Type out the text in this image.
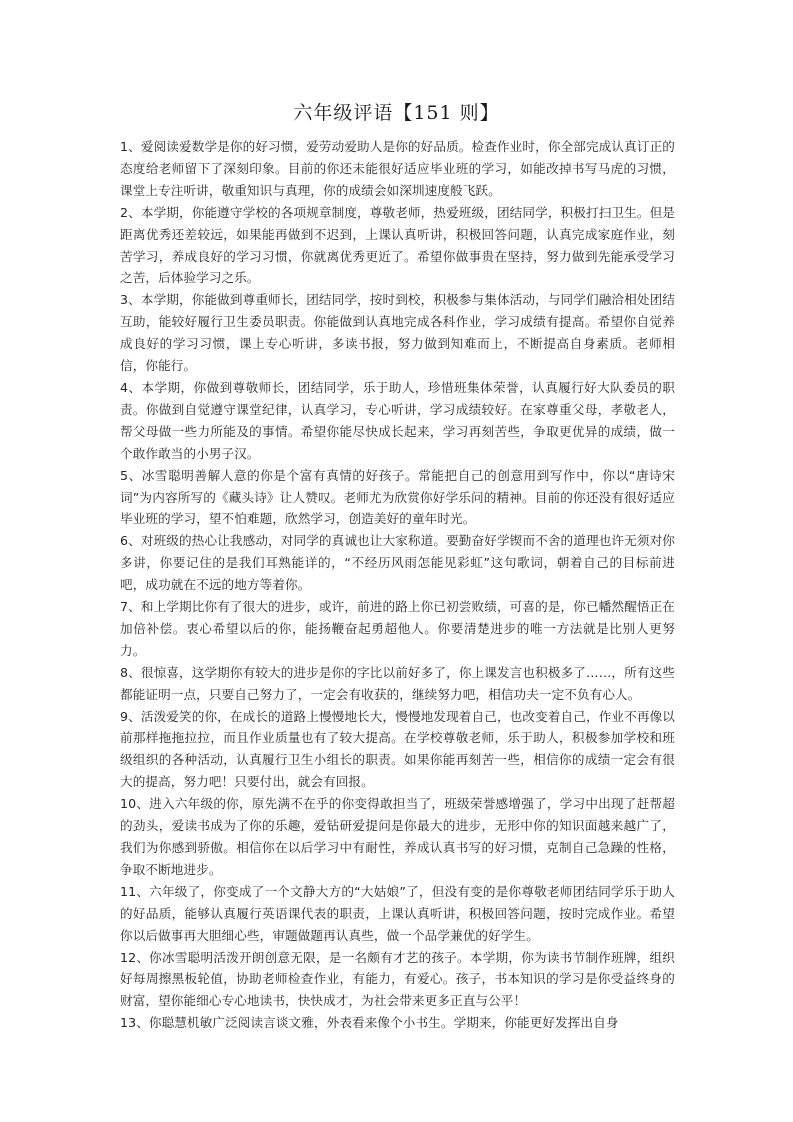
六年级评语【151 则】

1、爱阅读爱数学是你的好习惯，爱劳动爱助人是你的好品质。检查作业时，你全部完成认真订正的态度给老师留下了深刻印象。目前的你还未能很好适应毕业班的学习，如能改掉书写马虎的习惯，课堂上专注听讲，敬重知识与真理，你的成绩会如深圳速度般飞跃。

2、本学期，你能遵守学校的各项规章制度，尊敬老师，热爱班级，团结同学，积极打扫卫生。但是距离优秀还差较远，如果能再做到不迟到，上课认真听讲，积极回答问题，认真完成家庭作业，刻苦学习，养成良好的学习习惯，你就离优秀更近了。希望你做事贵在坚持，努力做到先能承受学习之苦，后体验学习之乐。

3、本学期，你能做到尊重师长，团结同学，按时到校，积极参与集体活动，与同学们融洽相处团结互助，能较好履行卫生委员职责。你能做到认真地完成各科作业，学习成绩有提高。希望你自觉养成良好的学习习惯，课上专心听讲，多读书报，努力做到知难而上，不断提高自身素质。老师相信，你能行。

4、本学期，你做到尊敬师长，团结同学，乐于助人，珍惜班集体荣誉，认真履行好大队委员的职责。你做到自觉遵守课堂纪律，认真学习，专心听讲，学习成绩较好。在家尊重父母，孝敬老人，帮父母做一些力所能及的事情。希望你能尽快成长起来，学习再刻苦些，争取更优异的成绩，做一个敢作敢当的小男子汉。

5、冰雪聪明善解人意的你是个富有真情的好孩子。常能把自己的创意用到写作中，你以“唐诗宋词”为内容所写的《藏头诗》让人赞叹。老师尤为欣赏你好学乐问的精神。目前的你还没有很好适应毕业班的学习，望不怕难题，欣然学习，创造美好的童年时光。

6、对班级的热心让我感动，对同学的真诚也让大家称道。要勤奋好学锲而不舍的道理也许无须对你多讲，你要记住的是我们耳熟能详的，“不经历风雨怎能见彩虹”这句歌词，朝着自己的目标前进吧，成功就在不远的地方等着你。

7、和上学期比你有了很大的进步，或许，前进的路上你已初尝败绩，可喜的是，你已幡然醒悟正在加倍补偿。衷心希望以后的你，能扬鞭奋起勇超他人。你要清楚进步的唯一方法就是比别人更努力。

8、很惊喜，这学期你有较大的进步是你的字比以前好多了，你上课发言也积极多了……，所有这些都能证明一点，只要自己努力了，一定会有收获的，继续努力吧，相信功夫一定不负有心人。

9、活泼爱笑的你，在成长的道路上慢慢地长大，慢慢地发现着自己，也改变着自己，作业不再像以前那样拖拖拉拉，而且作业质量也有了较大提高。在学校尊敬老师，乐于助人，积极参加学校和班级组织的各种活动，认真履行卫生小组长的职责。如果你能再刻苦一些，相信你的成绩一定会有很大的提高，努力吧！只要付出，就会有回报。

10、进入六年级的你，原先满不在乎的你变得敢担当了，班级荣誉感增强了，学习中出现了赶帮超的劲头，爱读书成为了你的乐趣，爱钻研爱提问是你最大的进步，无形中你的知识面越来越广了，我们为你感到骄傲。相信你在以后学习中有耐性，养成认真书写的好习惯，克制自己急躁的性格，争取不断地进步。

11、六年级了，你变成了一个文静大方的“大姑娘”了，但没有变的是你尊敬老师团结同学乐于助人的好品质，能够认真履行英语课代表的职责，上课认真听讲，积极回答问题，按时完成作业。希望你以后做事再大胆细心些，审题做题再认真些，做一个品学兼优的好学生。

12、你冰雪聪明活泼开朗创意无限，是一名颇有才艺的孩子。本学期，你为读书节制作班牌，组织好每周擦黑板轮值，协助老师检查作业，有能力，有爱心。孩子，书本知识的学习是你受益终身的财富，望你能细心专心地读书，快快成才，为社会带来更多正直与公平！

13、你聪慧机敏广泛阅读言谈文雅，外表看来像个小书生。学期来，你能更好发挥出自身
